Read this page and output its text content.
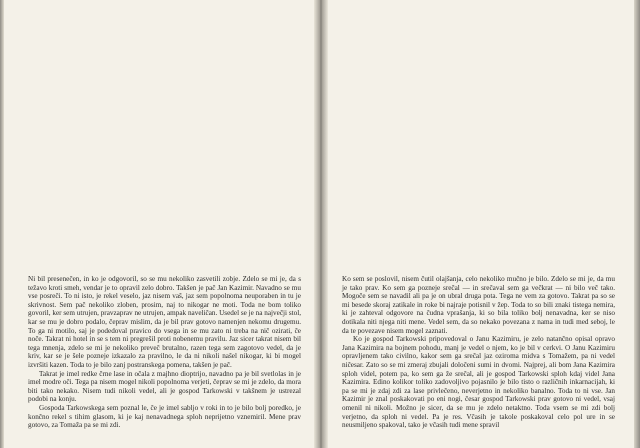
Ni bil presenečen, in ko je odgovoril, so se mu nekoliko zasvetili zobje. Zdelo se mi je, da s težavo kroti smeh, vendar je to opravil zelo dobro. Takšen je pač Jan Kazimir. Navadno se mu vse posreči. To ni isto, je rekel veselo, jaz nisem vaš, jaz sem popolnoma neuporaben in tu je skrivnost. Sem pač nekoliko zloben, prosim, naj to nikogar ne moti. Toda ne bom toliko govoril, ker sem utrujen, pravzaprav ne utrujen, ampak naveličan. Usedel se je na največji stol, kar se mu je dobro podalo, čeprav mislim, da je bil prav gotovo namenjen nekomu drugemu. To ga ni motilo, saj je podedoval pravico do vsega in se mu zato ni treba na nič ozirati, če noče. Takrat ni hotel in se s tem ni pregrešil proti nobenemu pravilu. Jaz sicer takrat nisem bil tega mnenja, zdelo se mi je nekoliko preveč brutalno, razen tega sem zagotovo vedel, da je kriv, kar se je šele pozneje izkazalo za pravilno, le da ni nikoli našel nikogar, ki bi mogel izvršiti kazen. Toda to je bilo zanj postranskega pomena, takšen je pač.

Takrat je imel redke črne lase in očala z majhno dioptrijo, navadno pa je bil svetlolas in je imel modre oči. Tega pa nisem mogel nikoli popolnoma verjeti, čeprav se mi je zdelo, da mora biti tako nekako. Nisem tudi nikoli vedel, ali je gospod Tarkowski v takšnem je ustrezal podobi na konju.

Gospoda Tarkowskega sem poznal le, če je imel sabljo v roki in to je bilo bolj poredko, je končno rekel s tihim glasom, ki je kaj nenavadnega sploh neprijetno vznemiril. Mene prav gotovo, za Tomaža pa se mi zdi.

Ko sem se poslovil, nisem čutil olajšanja, celo nekoliko mučno je bilo. Zdelo se mi je, da mu je tako prav. Ko sem ga pozneje srečal — in srečaval sem ga večkrat — ni bilo več tako. Mogoče sem se navadil ali pa je on ubral druga pota. Tega ne vem za gotovo. Takrat pa so se mi besede skoraj zatikale in roke bi najraje potisnil v žep. Toda to so bili znaki tistega nemira, ki je zahteval odgovore na čudna vprašanja, ki so bila toliko bolj nenavadna, ker se niso dotikala niti njega niti mene. Vedel sem, da so nekako povezana z nama in tudi med seboj, le da te povezave nisem mogel zaznati.

Ko je gospod Tarkowski pripovedoval o Janu Kazimiru, je zelo natančno opisal opravo Jana Kazimira na bojnem pohodu, manj je vedel o njem, ko je bil v cerkvi. O Janu Kazimiru opravljenem tako civilno, kakor sem ga srečal jaz oziroma midva s Tomažem, pa ni vedel ničesar. Zato so se mi zmeraj zbujali določeni sumi in dvomi. Najprej, ali bom Jana Kazimira sploh videl, potem pa, ko sem ga že srečal, ali je gospod Tarkowski sploh kdaj videl Jana Kazimira. Edino kolikor toliko zadovoljivo pojasnilo je bilo tisto o različnih inkarnacijah, ki pa se mi je zdaj zdi za lase privlečeno, neverjetno in nekoliko banalno. Toda to ni vse. Jan Kazimir je znal poskakovati po eni nogi, česar gospod Tarkowski prav gotovo ni vedel, vsaj omenil ni nikoli. Možno je sicer, da se mu je zdelo netaktno. Toda vsem se mi zdi bolj verjetno, da sploh ni vedel. Pa je res. Včasih je takole poskakoval celo pol ure in se neusmiljeno spakoval, tako je včasih tudi mene spravil
